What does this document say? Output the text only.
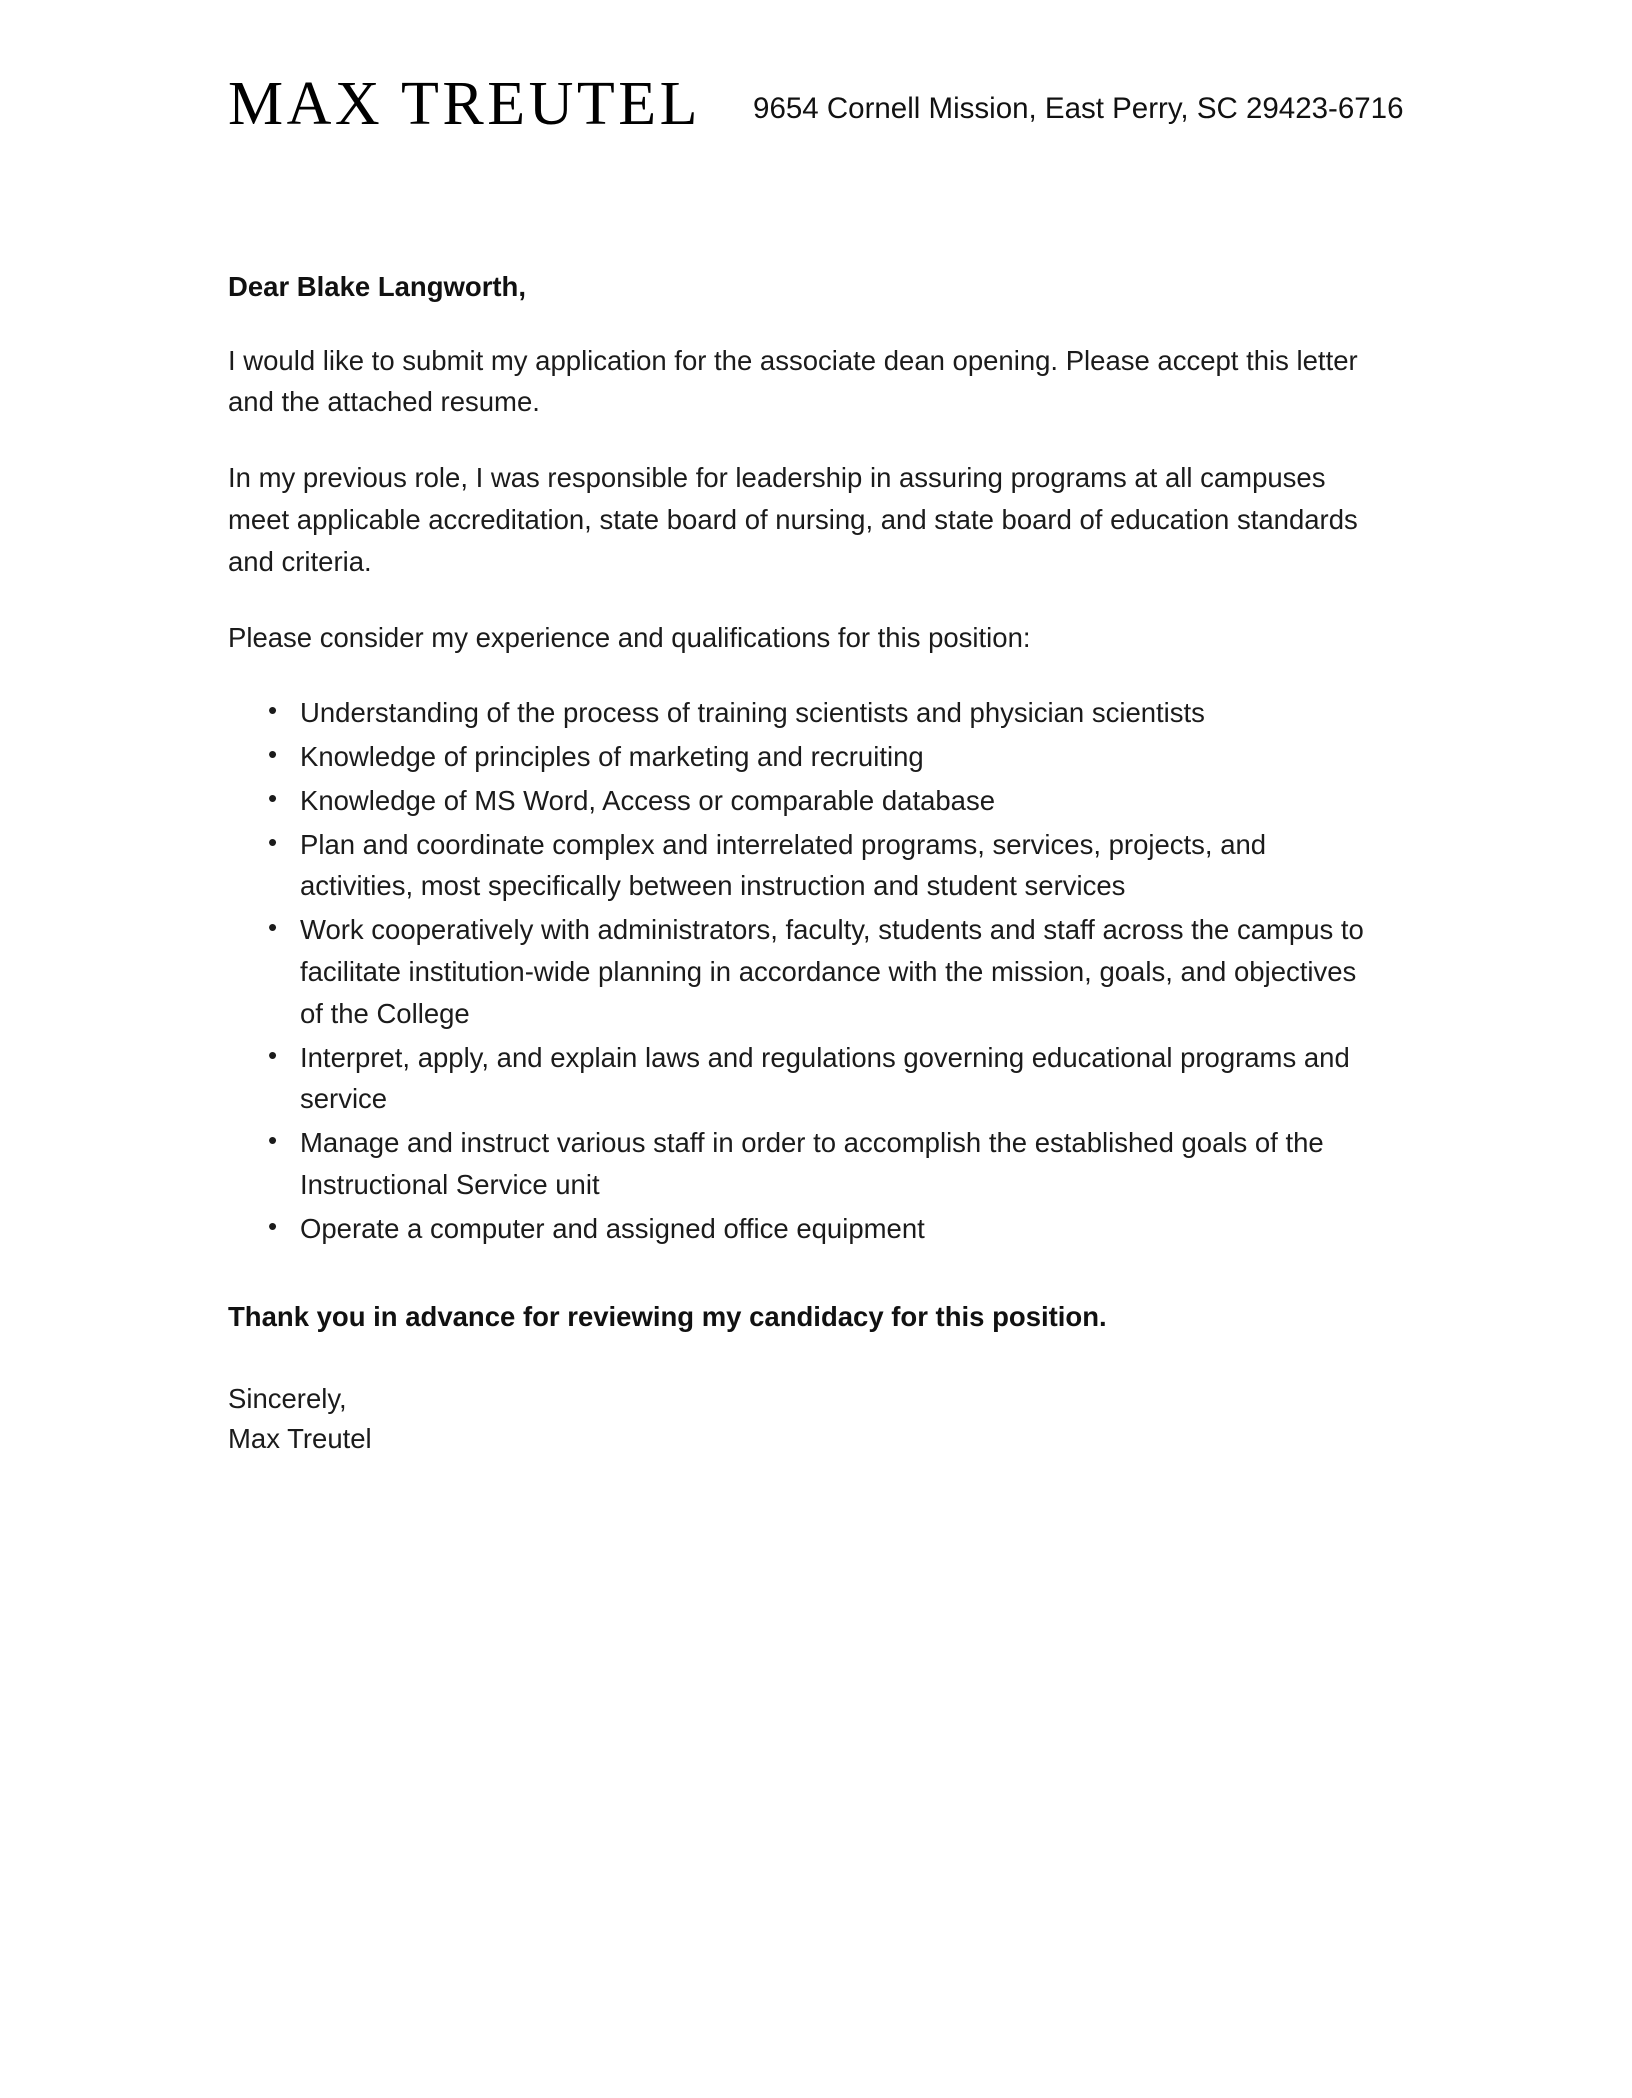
MAX TREUTEL 9654 Cornell Mission, East Perry, SC 29423-6716

Dear Blake Langworth,

I would like to submit my application for the associate dean opening. Please accept this letter and the attached resume.

In my previous role, I was responsible for leadership in assuring programs at all campuses meet applicable accreditation, state board of nursing, and state board of education standards and criteria.

Please consider my experience and qualifications for this position:

• Understanding of the process of training scientists and physician scientists
• Knowledge of principles of marketing and recruiting
• Knowledge of MS Word, Access or comparable database
• Plan and coordinate complex and interrelated programs, services, projects, and activities, most specifically between instruction and student services
• Work cooperatively with administrators, faculty, students and staff across the campus to facilitate institution-wide planning in accordance with the mission, goals, and objectives of the College
• Interpret, apply, and explain laws and regulations governing educational programs and service
• Manage and instruct various staff in order to accomplish the established goals of the Instructional Service unit
• Operate a computer and assigned office equipment

Thank you in advance for reviewing my candidacy for this position.

Sincerely,
Max Treutel
